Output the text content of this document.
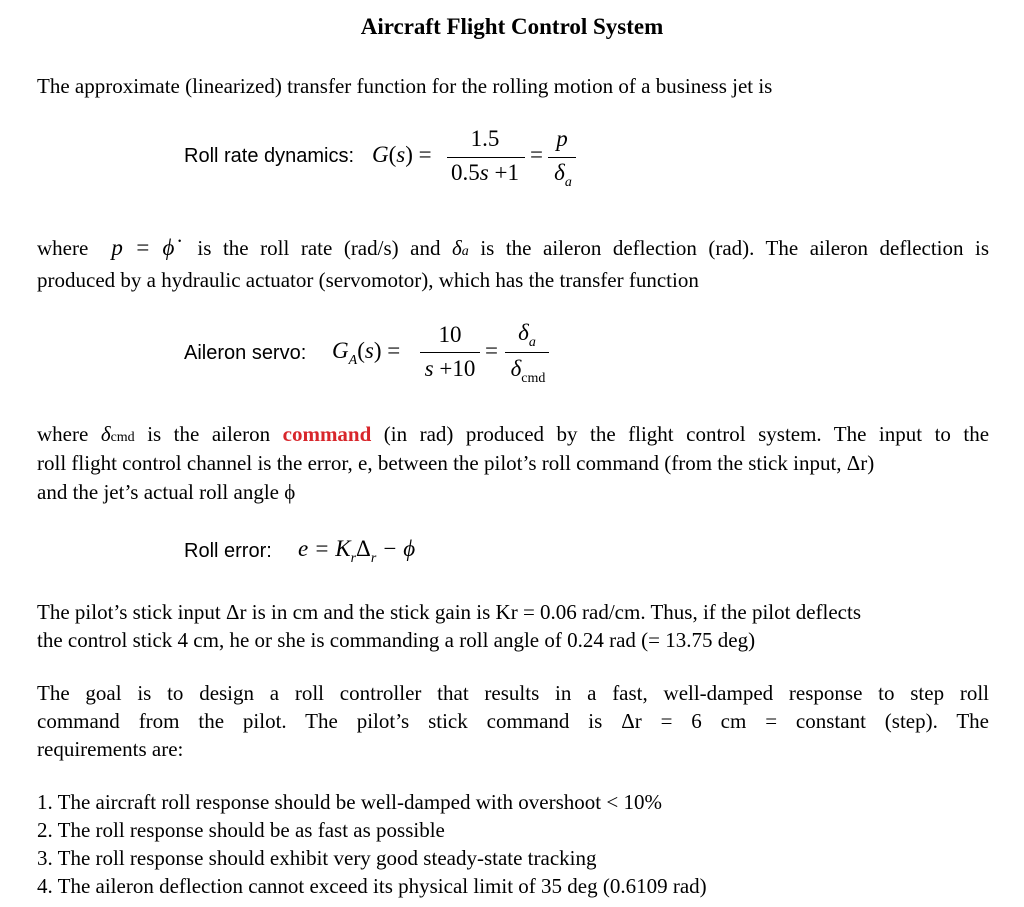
Aircraft Flight Control System
The approximate (linearized) transfer function for the rolling motion of a business jet is
Roll rate dynamics: G(s) =
1.5
0.5s +1
=
p
$\delta_a$
where p = ϕ̇ is the roll rate (rad/s) and δa is the aileron deflection (rad). The aileron deflection is
produced by a hydraulic actuator (servomotor), which has the transfer function
Aileron servo: $G_A(s)$ =
10
s +10
=
$\delta_a$
$\delta_{cmd}$
where δcmd is the aileron command (in rad) produced by the flight control system. The input to the
roll flight control channel is the error, e, between the pilot’s roll command (from the stick input, Δr)
and the jet’s actual roll angle ϕ
Roll error: $e = K_r\Delta_r - \phi$
The pilot’s stick input Δr is in cm and the stick gain is Kr = 0.06 rad/cm. Thus, if the pilot deflects
the control stick 4 cm, he or she is commanding a roll angle of 0.24 rad (= 13.75 deg)
The goal is to design a roll controller that results in a fast, well-damped response to step roll
command from the pilot. The pilot’s stick command is Δr = 6 cm = constant (step). The
requirements are:
1. The aircraft roll response should be well-damped with overshoot < 10%
2. The roll response should be as fast as possible
3. The roll response should exhibit very good steady-state tracking
4. The aileron deflection cannot exceed its physical limit of 35 deg (0.6109 rad)
